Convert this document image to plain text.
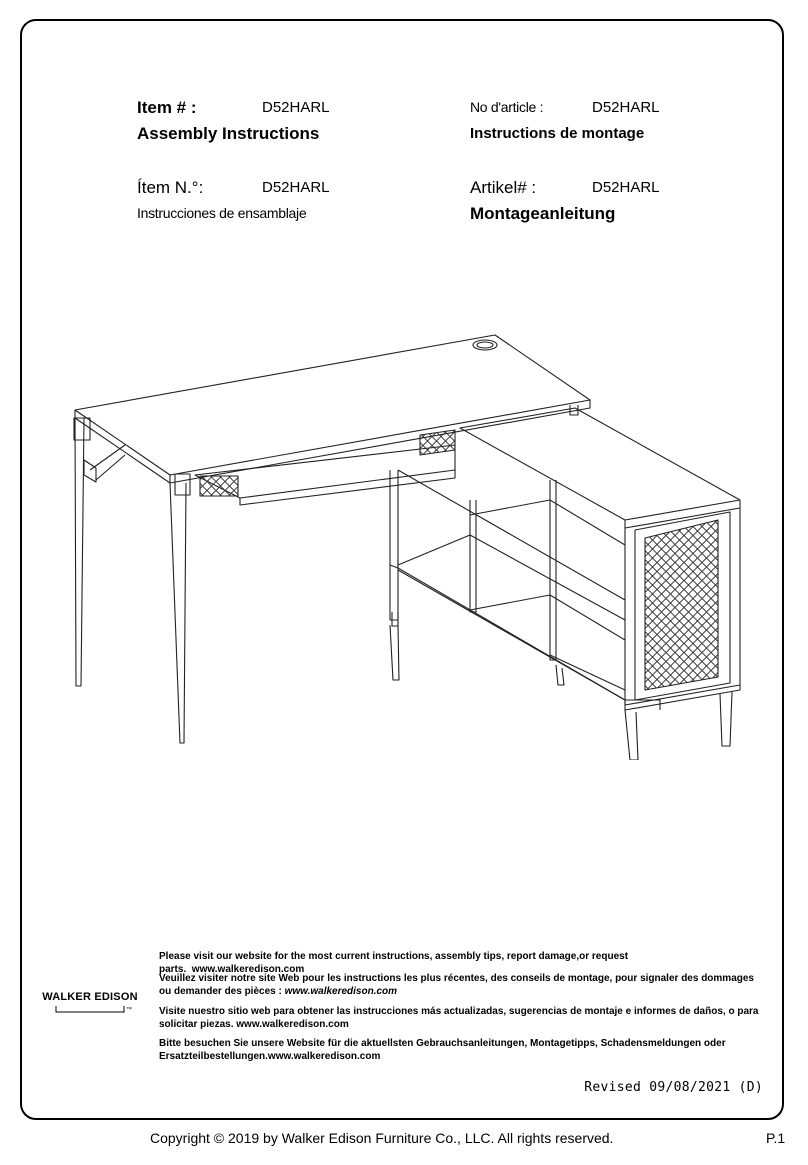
Item # :	D52HARL
Assembly Instructions
No d'article :	D52HARL
Instructions de montage
Ítem N.°:	D52HARL
Instrucciones de ensamblaje
Artikel# :	D52HARL
Montageanleitung

Please visit our website for the most current instructions, assembly tips, report damage,or request parts. www.walkeredison.com

Veuillez visiter notre site Web pour les instructions les plus récentes, des conseils de montage, pour signaler des dommages ou demander des pièces : www.walkeredison.com

Visite nuestro sitio web para obtener las instrucciones más actualizadas, sugerencias de montaje e informes de daños, o para solicitar piezas. www.walkeredison.com

Bitte besuchen Sie unsere Website für die aktuellsten Gebrauchsanleitungen, Montagetipps, Schadensmeldungen oder Ersatzteilbestellungen.www.walkeredison.com

WALKER EDISON
™
Revised 09/08/2021 (D)
Copyright © 2019 by Walker Edison Furniture Co., LLC. All rights reserved.	P.1
